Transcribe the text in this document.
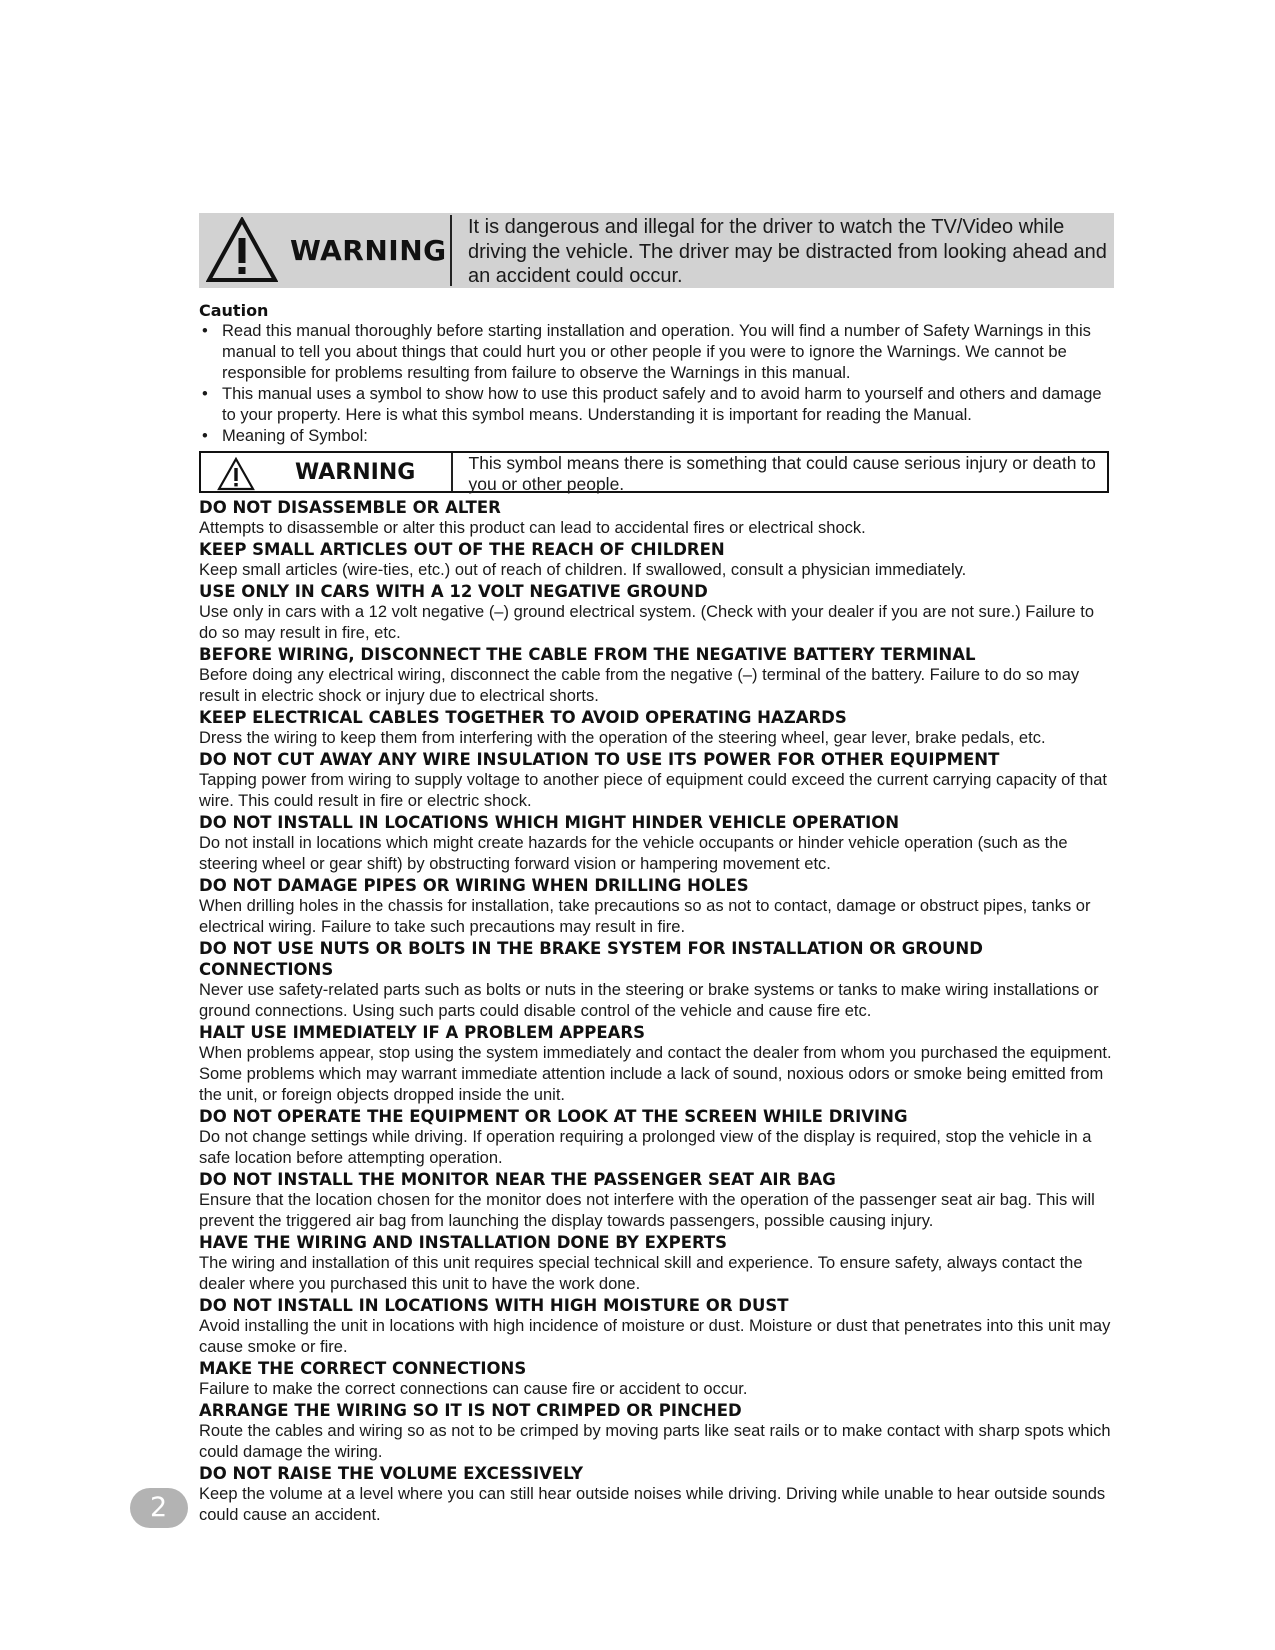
WARNING
It is dangerous and illegal for the driver to watch the TV/Video while driving the vehicle. The driver may be distracted from looking ahead and an accident could occur.
Caution
• Read this manual thoroughly before starting installation and operation. You will find a number of Safety Warnings in this manual to tell you about things that could hurt you or other people if you were to ignore the Warnings. We cannot be responsible for problems resulting from failure to observe the Warnings in this manual.
• This manual uses a symbol to show how to use this product safely and to avoid harm to yourself and others and damage to your property. Here is what this symbol means. Understanding it is important for reading the Manual.
• Meaning of Symbol:
WARNING	This symbol means there is something that could cause serious injury or death to you or other people.
DO NOT DISASSEMBLE OR ALTER

Attempts to disassemble or alter this product can lead to accidental fires or electrical shock.

KEEP SMALL ARTICLES OUT OF THE REACH OF CHILDREN

Keep small articles (wire-ties, etc.) out of reach of children. If swallowed, consult a physician immediately.

USE ONLY IN CARS WITH A 12 VOLT NEGATIVE GROUND

Use only in cars with a 12 volt negative (–) ground electrical system. (Check with your dealer if you are not sure.) Failure to do so may result in fire, etc.

BEFORE WIRING, DISCONNECT THE CABLE FROM THE NEGATIVE BATTERY TERMINAL

Before doing any electrical wiring, disconnect the cable from the negative (–) terminal of the battery. Failure to do so may result in electric shock or injury due to electrical shorts.

KEEP ELECTRICAL CABLES TOGETHER TO AVOID OPERATING HAZARDS

Dress the wiring to keep them from interfering with the operation of the steering wheel, gear lever, brake pedals, etc.

DO NOT CUT AWAY ANY WIRE INSULATION TO USE ITS POWER FOR OTHER EQUIPMENT

Tapping power from wiring to supply voltage to another piece of equipment could exceed the current carrying capacity of that wire. This could result in fire or electric shock.

DO NOT INSTALL IN LOCATIONS WHICH MIGHT HINDER VEHICLE OPERATION

Do not install in locations which might create hazards for the vehicle occupants or hinder vehicle operation (such as the steering wheel or gear shift) by obstructing forward vision or hampering movement etc.

DO NOT DAMAGE PIPES OR WIRING WHEN DRILLING HOLES

When drilling holes in the chassis for installation, take precautions so as not to contact, damage or obstruct pipes, tanks or electrical wiring. Failure to take such precautions may result in fire.

DO NOT USE NUTS OR BOLTS IN THE BRAKE SYSTEM FOR INSTALLATION OR GROUND CONNECTIONS

Never use safety-related parts such as bolts or nuts in the steering or brake systems or tanks to make wiring installations or ground connections. Using such parts could disable control of the vehicle and cause fire etc.

HALT USE IMMEDIATELY IF A PROBLEM APPEARS

When problems appear, stop using the system immediately and contact the dealer from whom you purchased the equipment. Some problems which may warrant immediate attention include a lack of sound, noxious odors or smoke being emitted from the unit, or foreign objects dropped inside the unit.

DO NOT OPERATE THE EQUIPMENT OR LOOK AT THE SCREEN WHILE DRIVING

Do not change settings while driving. If operation requiring a prolonged view of the display is required, stop the vehicle in a safe location before attempting operation.

DO NOT INSTALL THE MONITOR NEAR THE PASSENGER SEAT AIR BAG

Ensure that the location chosen for the monitor does not interfere with the operation of the passenger seat air bag. This will prevent the triggered air bag from launching the display towards passengers, possible causing injury.

HAVE THE WIRING AND INSTALLATION DONE BY EXPERTS

The wiring and installation of this unit requires special technical skill and experience. To ensure safety, always contact the dealer where you purchased this unit to have the work done.

DO NOT INSTALL IN LOCATIONS WITH HIGH MOISTURE OR DUST

Avoid installing the unit in locations with high incidence of moisture or dust. Moisture or dust that penetrates into this unit may cause smoke or fire.

MAKE THE CORRECT CONNECTIONS

Failure to make the correct connections can cause fire or accident to occur.

ARRANGE THE WIRING SO IT IS NOT CRIMPED OR PINCHED

Route the cables and wiring so as not to be crimped by moving parts like seat rails or to make contact with sharp spots which could damage the wiring.

DO NOT RAISE THE VOLUME EXCESSIVELY

Keep the volume at a level where you can still hear outside noises while driving. Driving while unable to hear outside sounds could cause an accident.

2
